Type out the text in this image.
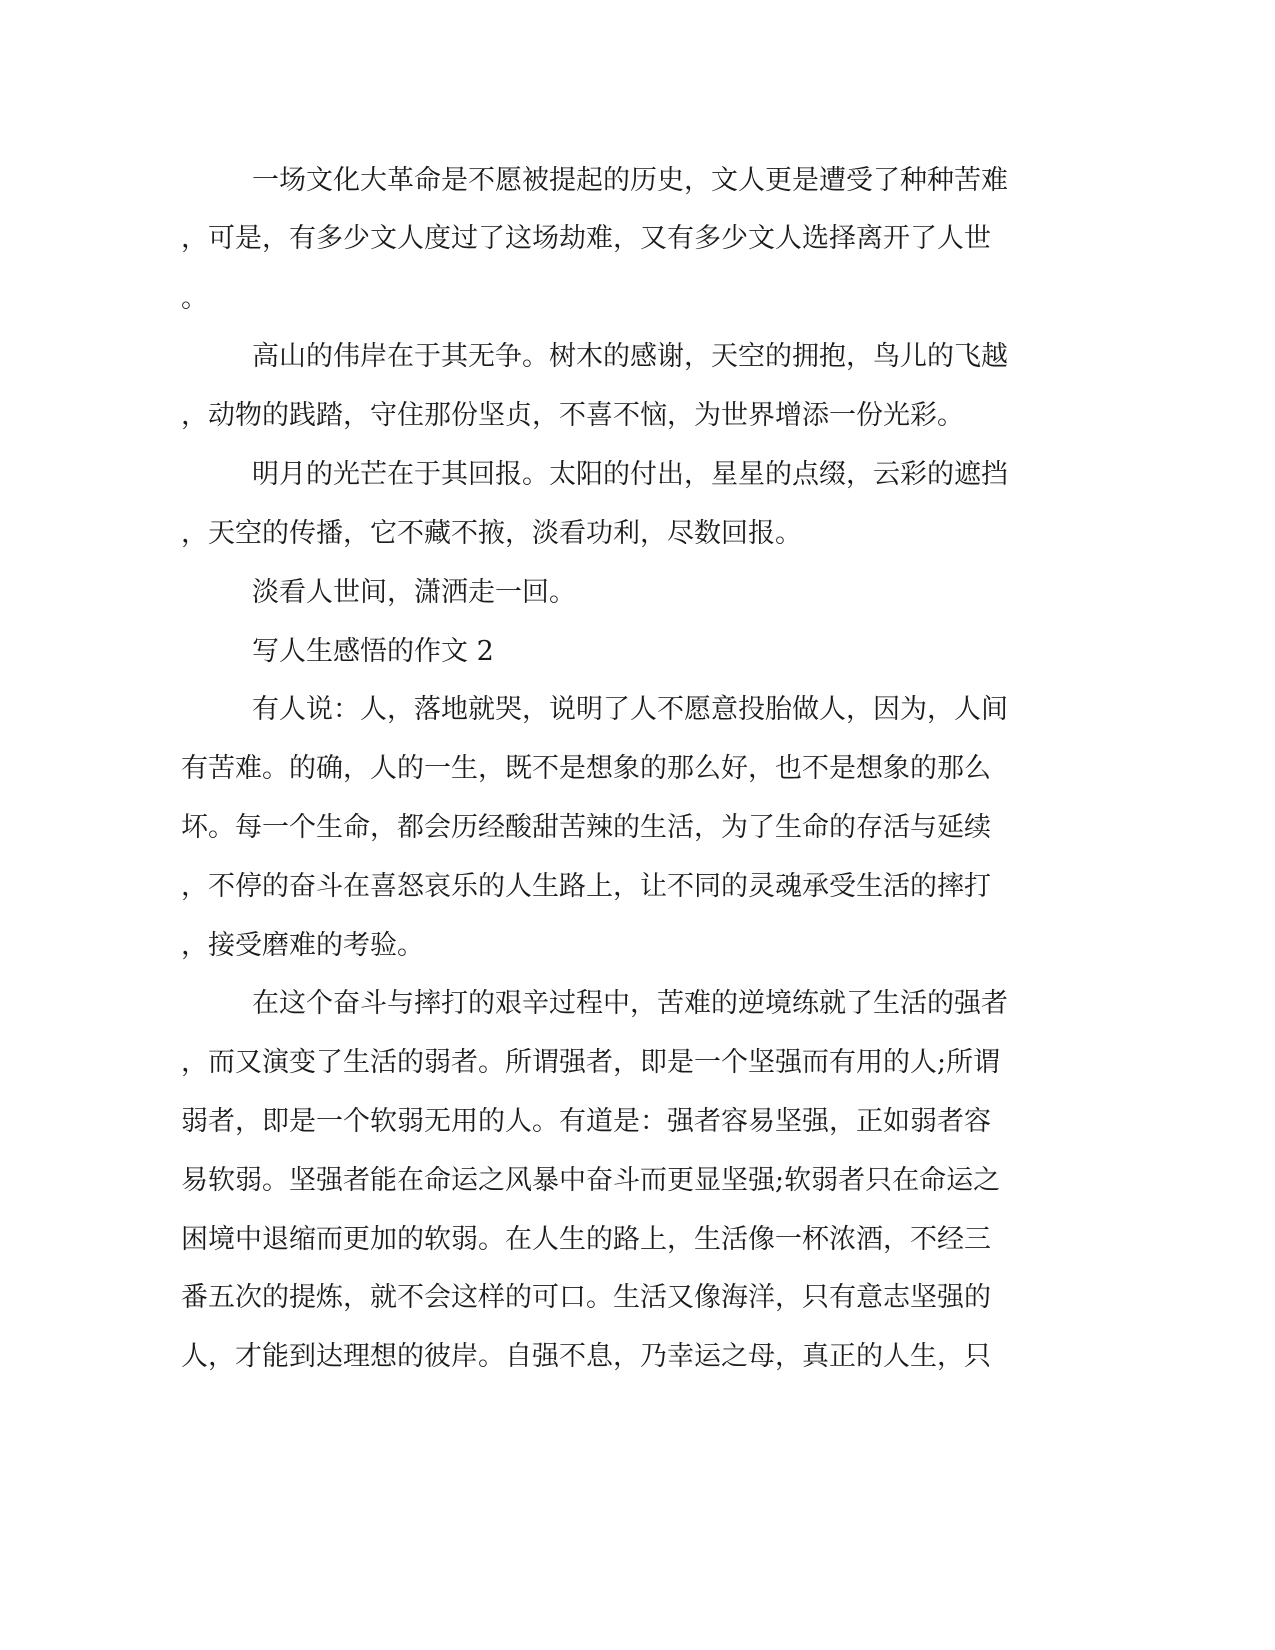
一场文化大革命是不愿被提起的历史，文人更是遭受了种种苦难
，可是，有多少文人度过了这场劫难，又有多少文人选择离开了人世
。
高山的伟岸在于其无争。树木的感谢，天空的拥抱，鸟儿的飞越
，动物的践踏，守住那份坚贞，不喜不恼，为世界增添一份光彩。
明月的光芒在于其回报。太阳的付出，星星的点缀，云彩的遮挡
，天空的传播，它不藏不掖，淡看功利，尽数回报。
淡看人世间，潇洒走一回。
写人生感悟的作文 2
有人说：人，落地就哭，说明了人不愿意投胎做人，因为，人间
有苦难。的确，人的一生，既不是想象的那么好，也不是想象的那么
坏。每一个生命，都会历经酸甜苦辣的生活，为了生命的存活与延续
，不停的奋斗在喜怒哀乐的人生路上，让不同的灵魂承受生活的摔打
，接受磨难的考验。
在这个奋斗与摔打的艰辛过程中，苦难的逆境练就了生活的强者
，而又演变了生活的弱者。所谓强者，即是一个坚强而有用的人;所谓
弱者，即是一个软弱无用的人。有道是：强者容易坚强，正如弱者容
易软弱。坚强者能在命运之风暴中奋斗而更显坚强;软弱者只在命运之
困境中退缩而更加的软弱。在人生的路上，生活像一杯浓酒，不经三
番五次的提炼，就不会这样的可口。生活又像海洋，只有意志坚强的
人，才能到达理想的彼岸。自强不息，乃幸运之母，真正的人生，只
